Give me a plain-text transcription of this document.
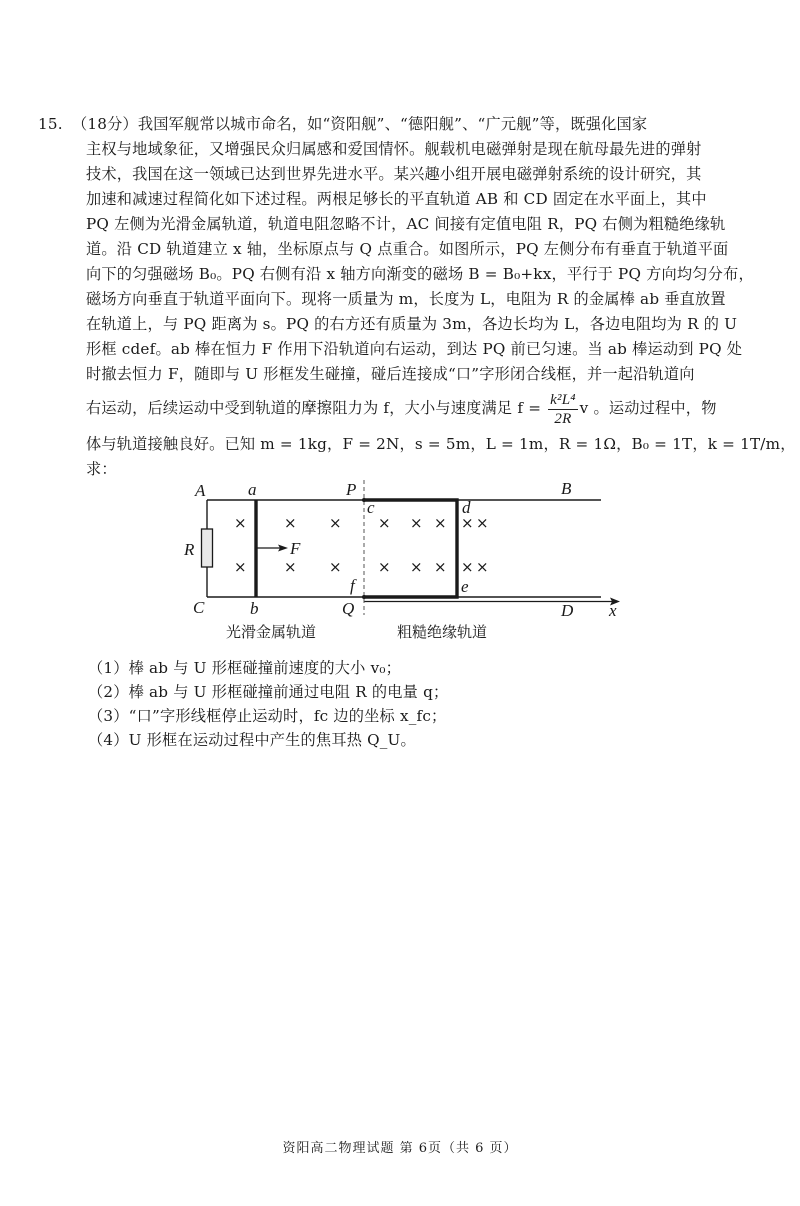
15. （18分）我国军舰常以城市命名，如“资阳舰”、“德阳舰”、“广元舰”等，既强化国家
主权与地域象征，又增强民众归属感和爱国情怀。舰载机电磁弹射是现在航母最先进的弹射
技术，我国在这一领域已达到世界先进水平。某兴趣小组开展电磁弹射系统的设计研究，其
加速和减速过程简化如下述过程。两根足够长的平直轨道 AB 和 CD 固定在水平面上，其中
PQ 左侧为光滑金属轨道，轨道电阻忽略不计，AC 间接有定值电阻 R，PQ 右侧为粗糙绝缘轨
道。沿 CD 轨道建立 x 轴，坐标原点与 Q 点重合。如图所示，PQ 左侧分布有垂直于轨道平面
向下的匀强磁场 B₀。PQ 右侧有沿 x 轴方向渐变的磁场 B = B₀+kx，平行于 PQ 方向均匀分布，
磁场方向垂直于轨道平面向下。现将一质量为 m，长度为 L，电阻为 R 的金属棒 ab 垂直放置
在轨道上，与 PQ 距离为 s。PQ 的右方还有质量为 3m，各边长均为 L，各边电阻均为 R 的 U
形框 cdef。ab 棒在恒力 F 作用下沿轨道向右运动，到达 PQ 前已匀速。当 ab 棒运动到 PQ 处
时撤去恒力 F，随即与 U 形框发生碰撞，碰后连接成“口”字形闭合线框，并一起沿轨道向
右运动，后续运动中受到轨道的摩擦阻力为 f，大小与速度满足 $f = \frac{\text{k²L⁴}}{2R}$ v 。运动过程中，物
体与轨道接触良好。已知 m = 1kg，F = 2N，s = 5m，L = 1m，R = 1Ω，B₀ = 1T，k = 1T/m，
求：
× × × × × × × ×
× × × × × × × ×
A	a	P	B
c	d
R	F
f	e
C	b	Q	D x
光滑金属轨道	粗糙绝缘轨道
（1）棒 ab 与 U 形框碰撞前速度的大小 v₀；
（2）棒 ab 与 U 形框碰撞前通过电阻 R 的电量 q；
（3）“口”字形线框停止运动时，fc 边的坐标 x_fc；
（4）U 形框在运动过程中产生的焦耳热 Q_U。
资阳高二物理试题 第 6页（共 6 页）
